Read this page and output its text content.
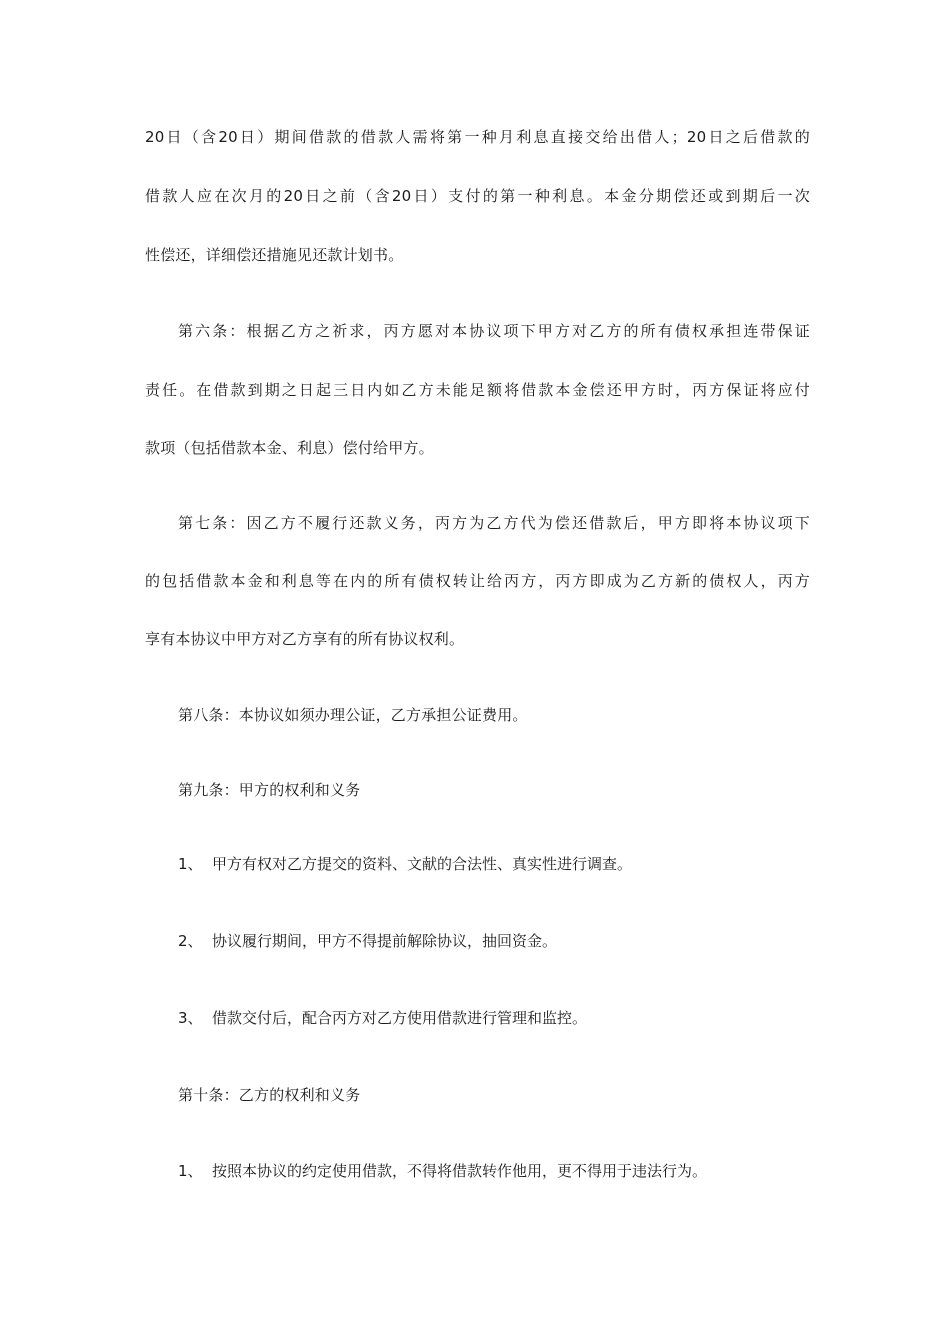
20日（含20日）期间借款的借款人需将第一种月利息直接交给出借人；20日之后借款的
借款人应在次月的20日之前（含20日）支付的第一种利息。本金分期偿还或到期后一次
性偿还，详细偿还措施见还款计划书。
第六条：根据乙方之祈求，丙方愿对本协议项下甲方对乙方的所有债权承担连带保证
责任。在借款到期之日起三日内如乙方未能足额将借款本金偿还甲方时，丙方保证将应付
款项（包括借款本金、利息）偿付给甲方。
第七条：因乙方不履行还款义务，丙方为乙方代为偿还借款后，甲方即将本协议项下
的包括借款本金和利息等在内的所有债权转让给丙方，丙方即成为乙方新的债权人，丙方
享有本协议中甲方对乙方享有的所有协议权利。
第八条：本协议如须办理公证，乙方承担公证费用。
第九条：甲方的权利和义务
1、 甲方有权对乙方提交的资料、文献的合法性、真实性进行调查。
2、 协议履行期间，甲方不得提前解除协议，抽回资金。
3、 借款交付后，配合丙方对乙方使用借款进行管理和监控。
第十条：乙方的权利和义务
1、 按照本协议的约定使用借款，不得将借款转作他用，更不得用于违法行为。
